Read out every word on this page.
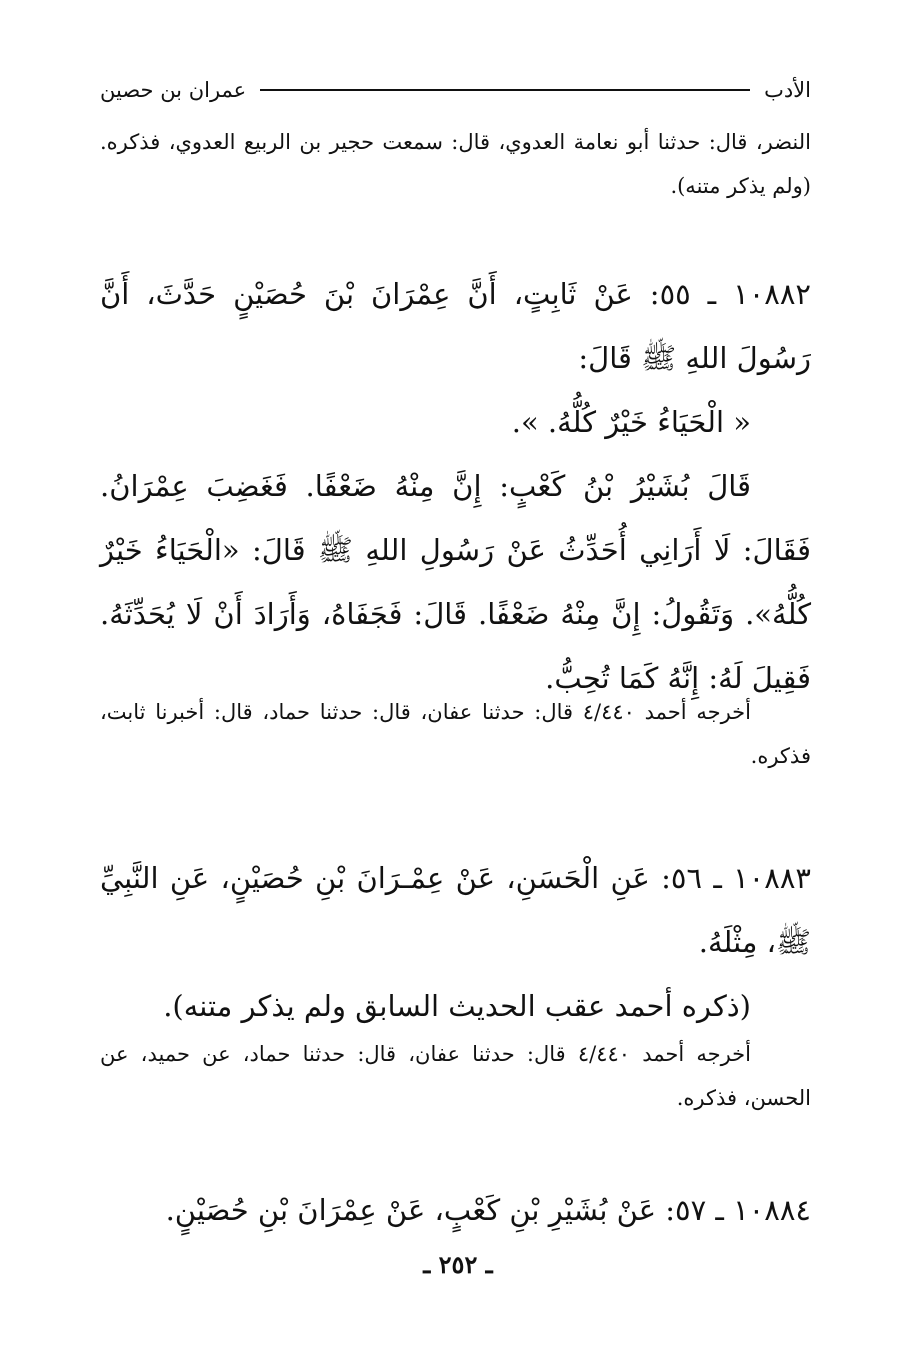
الأدب
عمران بن حصين

النضر، قال: حدثنا أبو نعامة العدوي، قال: سمعت حجير بن الربيع العدوي، فذكره. (ولم يذكر متنه).

١٠٨٨٢ ـ ٥٥: عَنْ ثَابِتٍ، أَنَّ عِمْرَانَ بْنَ حُصَيْنٍ حَدَّثَ، أَنَّ رَسُولَ اللهِ ﷺ قَالَ:

« الْحَيَاءُ خَيْرٌ كُلُّهُ. ».

قَالَ بُشَيْرُ بْنُ كَعْبٍ: إِنَّ مِنْهُ ضَعْفًا. فَغَضِبَ عِمْرَانُ. فَقَالَ: لَا أَرَانِي أُحَدِّثُ عَنْ رَسُولِ اللهِ ﷺ قَالَ: «الْحَيَاءُ خَيْرٌ كُلُّهُ». وَتَقُولُ: إِنَّ مِنْهُ ضَعْفًا. قَالَ: فَجَفَاهُ، وَأَرَادَ أَنْ لَا يُحَدِّثَهُ. فَقِيلَ لَهُ: إِنَّهُ كَمَا تُحِبُّ.

أخرجه أحمد ٤/٤٤٠ قال: حدثنا عفان، قال: حدثنا حماد، قال: أخبرنا ثابت، فذكره.

١٠٨٨٣ ـ ٥٦: عَنِ الْحَسَنِ، عَنْ عِمْـرَانَ بْنِ حُصَيْنٍ، عَنِ النَّبِيِّ ﷺ، مِثْلَهُ.

(ذكره أحمد عقب الحديث السابق ولم يذكر متنه).

أخرجه أحمد ٤/٤٤٠ قال: حدثنا عفان، قال: حدثنا حماد، عن حميد، عن الحسن، فذكره.

١٠٨٨٤ ـ ٥٧: عَنْ بُشَيْرِ بْنِ كَعْبٍ، عَنْ عِمْرَانَ بْنِ حُصَيْنٍ.

ـ ٢٥٢ ـ
